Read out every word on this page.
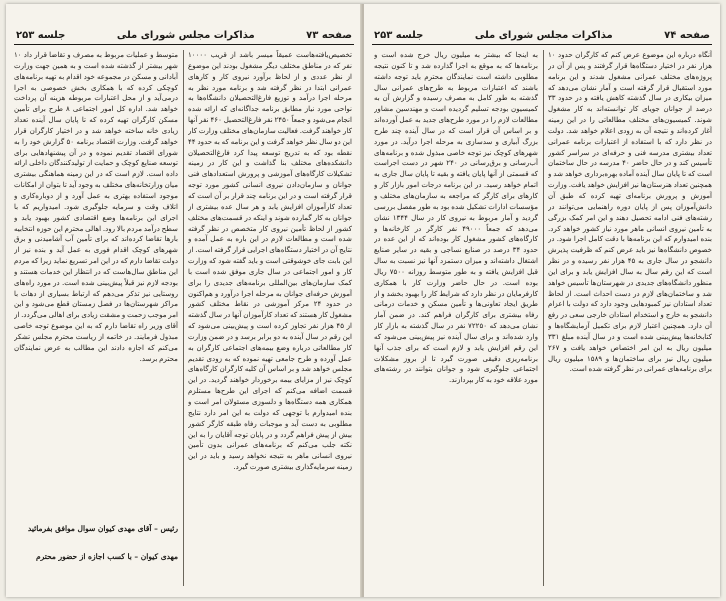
صفحه ۷۳
مذاکرات مجلس شورای ملی
جلسه ۲۵۳

تخصیص‌یافته‌هاست عمیقاً میسر باشد از قریب ۱۰۰۰۰ نفر که در مناطق مختلف دیگر مشغول بودند این موضوع از نظر عددی و از لحاظ برآورد نیروی کار و کارهای عمرانی ابتدا در نظر گرفته شد و برنامه مورد نظر به مرحله اجرا درآمد و توزیع فارغ‌التحصیلان دانشگاه‌ها به نواحی مورد نیاز مطابق برنامه جداگانه‌ای که ارائه شده انجام می‌شود و جمعاً ۲۴۵۰ نفر فارغ‌التحصیل ۴۶۰ نفر آنها کار خواهند گرفت. فعالیت سازمان‌های مختلف وزارت کار این دو سال نظر خواهد گرفت و این برنامه که به حدود ۴۴ نقطه بود که به تدریج توسعه پیدا کرد فارغ‌التحصیلان دانشکده‌های مختلف بنا گذاشت و این کار در زمینه تشکیلات کارگاه‌های آموزشی و پرورش استعدادهای فنی جوانان و سازمان‌دادن نیروی انسانی کشور مورد توجه قرار گرفته است و در این برنامه چند قرار بر آن است که تعداد کارآموزان افزایش یابد و هر سال عده بیشتری از جوانان به کار گمارده شوند و اینکه در قسمت‌های مختلف کشور از لحاظ تأمین نیروی کار متخصص در نظر گرفته شده است و مطالعات لازم در این باره به عمل آمده و نتایج آن در اختیار دستگاه‌های اجرایی قرار گرفته است. از این بابت جای خوشوقتی است و باید گفته شود که وزارت کار و امور اجتماعی در سال جاری موفق شده است با کمک سازمان‌های بین‌المللی برنامه‌های جدیدی را برای آموزش حرفه‌ای جوانان به مرحله اجرا درآورد و هم‌اکنون در حدود ۲۴ مرکز آموزشی در نقاط مختلف کشور مشغول کار هستند که تعداد کارآموزان آنها در سال گذشته از ۴۵ هزار نفر تجاوز کرده است و پیش‌بینی می‌شود که این رقم در سال آینده به دو برابر برسد و در ضمن وزارت کار مطالعاتی درباره وضع بیمه‌های اجتماعی کارگران به عمل آورده و طرح جامعی تهیه نموده که به زودی تقدیم مجلس خواهد شد و بر اساس آن کلیه کارگران کارگاه‌های کوچک نیز از مزایای بیمه برخوردار خواهند گردید. در این قسمت اضافه می‌کنم که اجرای این طرح‌ها مستلزم همکاری همه دستگاه‌ها و دلسوزی مسئولان امر است و بنده امیدوارم با توجهی که دولت به این امر دارد نتایج مطلوبی به دست آید و موجبات رفاه طبقه کارگر کشور بیش از پیش فراهم گردد و در پایان توجه آقایان را به این نکته جلب می‌کنم که برنامه‌های عمرانی بدون تأمین نیروی انسانی ماهر به نتیجه نخواهد رسید و باید در این زمینه سرمایه‌گذاری بیشتری صورت گیرد.

متوسط و عملیات مربوط به مصرف و تقاضا قرار داد ۱۰ شهر بیشتر از گذشته شده است و به همین جهت وزارت آبادانی و مسکن در مجموعه خود اقدام به تهیه برنامه‌های کوچکی کرده که با همکاری بخش خصوصی به اجرا درمی‌آید و از محل اعتبارات مربوطه هزینه آن پرداخت خواهد شد. اداره کل امور اجتماعی ۸ طرح برای تأمین مسکن کارگران تهیه کرده که تا پایان سال آینده تعداد زیادی خانه ساخته خواهد شد و در اختیار کارگران قرار خواهد گرفت. وزارت اقتصاد برنامه ۵۰ گزارش خود را به شورای اقتصاد تقدیم نموده و در آن پیشنهادهایی برای توسعه صنایع کوچک و حمایت از تولیدکنندگان داخلی ارائه داده است. لازم است که در این زمینه هماهنگی بیشتری میان وزارتخانه‌های مختلف به وجود آید تا بتوان از امکانات موجود استفاده بهتری به عمل آورد و از دوباره‌کاری و اتلاف وقت و سرمایه جلوگیری شود. امیدواریم که با اجرای این برنامه‌ها وضع اقتصادی کشور بهبود یابد و سطح درآمد مردم بالا رود. اهالی محترم این حوزه انتخابیه بارها تقاضا کرده‌اند که برای تأمین آب آشامیدنی و برق شهرهای کوچک اقدام فوری به عمل آید و بنده نیز از دولت تقاضا دارم که در این امر تسریع نماید زیرا که مردم این مناطق سال‌هاست که در انتظار این خدمات هستند و بودجه لازم نیز قبلاً پیش‌بینی شده است. در مورد راه‌های روستایی نیز تذکر می‌دهم که ارتباط بسیاری از دهات با مراکز شهرستان‌ها در فصل زمستان قطع می‌شود و این امر موجب زحمت و مشقت زیادی برای اهالی می‌گردد. از آقای وزیر راه تقاضا دارم که به این موضوع توجه خاصی مبذول فرمایند. در خاتمه از ریاست محترم مجلس تشکر می‌کنم که اجازه دادند این مطالب به عرض نمایندگان محترم برسد.

رئیس – آقای مهدی کیوان سوال موافق بفرمائید
مهدی کیوان – با کسب اجازه از حضور محترم
صفحه ۷۴
مذاکرات مجلس شورای ملی
جلسه ۲۵۳

آنگاه درباره این موضوع عرض کنم که کارگران حدود ۱۰ هزار نفر در اختیار دستگاه‌ها قرار گرفتند و پس از آن در پروژه‌های مختلف عمرانی مشغول شدند و این برنامه مورد استقبال قرار گرفته است و آمار نشان می‌دهد که میزان بیکاری در سال گذشته کاهش یافته و در حدود ۳۳ درصد از جوانان جویای کار توانسته‌اند به کار مشغول شوند. کمیسیون‌های مختلف مطالعاتی را در این زمینه آغاز کرده‌اند و نتیجه آن به زودی اعلام خواهد شد. دولت در نظر دارد که با استفاده از اعتبارات برنامه عمرانی تعداد بیشتری مدرسه فنی و حرفه‌ای در سراسر کشور تأسیس کند و در حال حاضر ۴۰ مدرسه در حال ساختمان است که تا پایان سال آینده آماده بهره‌برداری خواهد شد و همچنین تعداد هنرستان‌ها نیز افزایش خواهد یافت. وزارت آموزش و پرورش برنامه‌ای تهیه کرده که طبق آن دانش‌آموزان پس از پایان دوره راهنمایی می‌توانند در رشته‌های فنی ادامه تحصیل دهند و این امر کمک بزرگی به تأمین نیروی انسانی ماهر مورد نیاز کشور خواهد کرد. بنده امیدوارم که این برنامه‌ها با دقت کامل اجرا شود. در خصوص دانشگاه‌ها نیز باید عرض کنم که ظرفیت پذیرش دانشجو در سال جاری به ۴۵ هزار نفر رسیده و در نظر است که این رقم سال به سال افزایش یابد و برای این منظور دانشگاه‌های جدیدی در شهرستان‌ها تأسیس خواهد شد و ساختمان‌های لازم در دست احداث است. از لحاظ تعداد استادان نیز کمبودهایی وجود دارد که دولت با اعزام دانشجو به خارج و استخدام استادان خارجی سعی در رفع آن دارد. همچنین اعتبار لازم برای تکمیل آزمایشگاه‌ها و کتابخانه‌ها پیش‌بینی شده است و در سال آینده مبلغ ۳۳۱ میلیون ریال به این امر اختصاص خواهد یافت و ۲۶۷ میلیون ریال نیز برای ساختمان‌ها و ۱۵۸۹ میلیون ریال برای برنامه‌های عمرانی در نظر گرفته شده است.

به اینجا که بیشتر به میلیون ریال خرج شده است و برنامه‌ها که به موقع به اجرا گذارده شد و تا کنون نتیجه مطلوبی داشته است نمایندگان محترم باید توجه داشته باشند که اعتبارات مربوط به طرح‌های عمرانی سال گذشته به طور کامل به مصرف رسیده و گزارش آن به کمیسیون بودجه تسلیم گردیده است و مهندسین مشاور مطالعات لازم را در مورد طرح‌های جدید به عمل آورده‌اند و بر اساس آن قرار است که در سال آینده چند طرح بزرگ آبیاری و سدسازی به مرحله اجرا درآید. در مورد شهرهای کوچک نیز توجه خاصی مبذول شده و برنامه‌های آب‌رسانی و برق‌رسانی در ۲۴۰ شهر در دست اجراست که قسمتی از آنها پایان یافته و بقیه تا پایان سال جاری به اتمام خواهد رسید. در این برنامه درجات امور بازار کار و کارهای برای کارگر که مراجعه به سازمان‌های مختلف و مؤسسات ادارات تشکیل شده بود به طور مفصل بررسی گردید و آمار مربوط به نیروی کار در سال ۱۳۴۴ نشان می‌دهد که جمعاً ۴۹۰۰۰ نفر کارگر در کارخانه‌ها و کارگاه‌های کشور مشغول کار بوده‌اند که از این عده در حدود ۳۴ درصد در صنایع نساجی و بقیه در سایر صنایع اشتغال داشته‌اند و میزان دستمزد آنها نیز نسبت به سال قبل افزایش یافته و به طور متوسط روزانه ۷۵۰۰ ریال بوده است. در حال حاضر وزارت کار با همکاری کارفرمایان در نظر دارد که شرایط کار را بهبود بخشد و از طریق ایجاد تعاونی‌ها و تأمین مسکن و خدمات درمانی رفاه بیشتری برای کارگران فراهم کند. در ضمن آمار نشان می‌دهد که ۷۲۲۵۰ نفر در سال گذشته به بازار کار وارد شده‌اند و برای سال آینده نیز پیش‌بینی می‌شود که این رقم افزایش یابد و لازم است که برای جذب آنها برنامه‌ریزی دقیقی صورت گیرد تا از بروز مشکلات اجتماعی جلوگیری شود و جوانان بتوانند در رشته‌های مورد علاقه خود به کار بپردازند.
